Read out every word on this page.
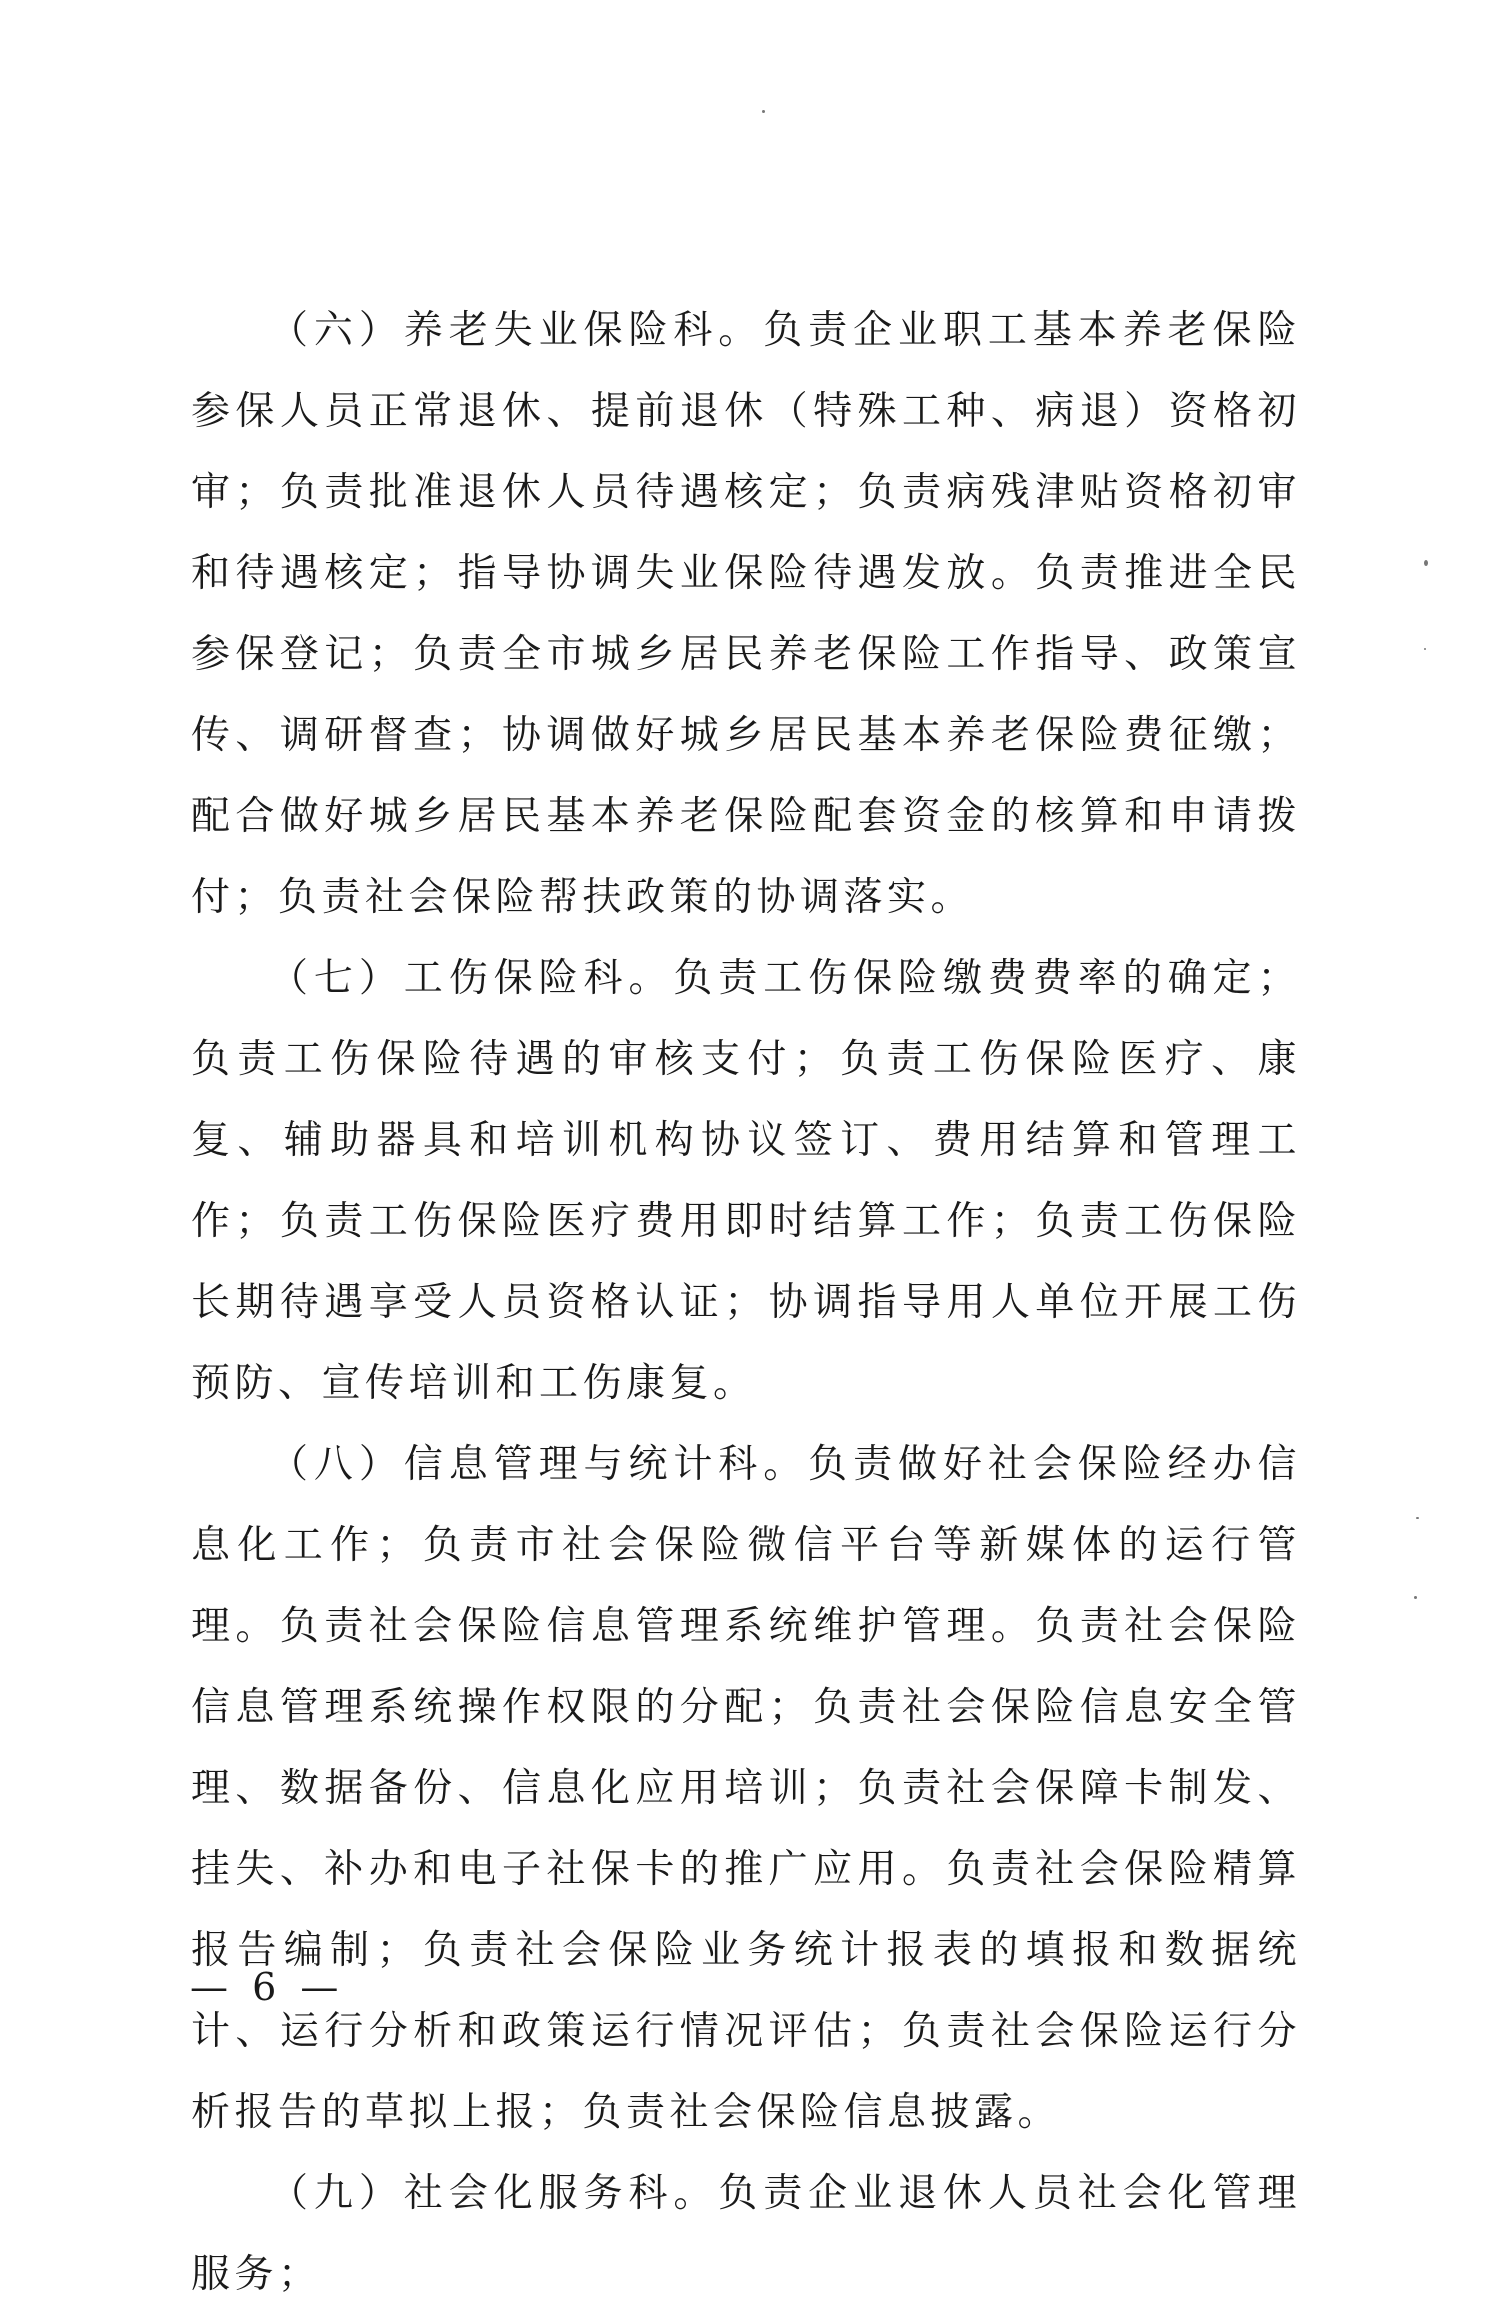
（六）养老失业保险科。负责企业职工基本养老保险参保人员正常退休、提前退休（特殊工种、病退）资格初审；负责批准退休人员待遇核定；负责病残津贴资格初审和待遇核定；指导协调失业保险待遇发放。负责推进全民参保登记；负责全市城乡居民养老保险工作指导、政策宣传、调研督查；协调做好城乡居民基本养老保险费征缴；配合做好城乡居民基本养老保险配套资金的核算和申请拨付；负责社会保险帮扶政策的协调落实。

（七）工伤保险科。负责工伤保险缴费费率的确定；负责工伤保险待遇的审核支付；负责工伤保险医疗、康复、辅助器具和培训机构协议签订、费用结算和管理工作；负责工伤保险医疗费用即时结算工作；负责工伤保险长期待遇享受人员资格认证；协调指导用人单位开展工伤预防、宣传培训和工伤康复。

（八）信息管理与统计科。负责做好社会保险经办信息化工作；负责市社会保险微信平台等新媒体的运行管理。负责社会保险信息管理系统维护管理。负责社会保险信息管理系统操作权限的分配；负责社会保险信息安全管理、数据备份、信息化应用培训；负责社会保障卡制发、挂失、补办和电子社保卡的推广应用。负责社会保险精算报告编制；负责社会保险业务统计报表的填报和数据统计、运行分析和政策运行情况评估；负责社会保险运行分析报告的草拟上报；负责社会保险信息披露。

（九）社会化服务科。负责企业退休人员社会化管理服务；

— 6 —
